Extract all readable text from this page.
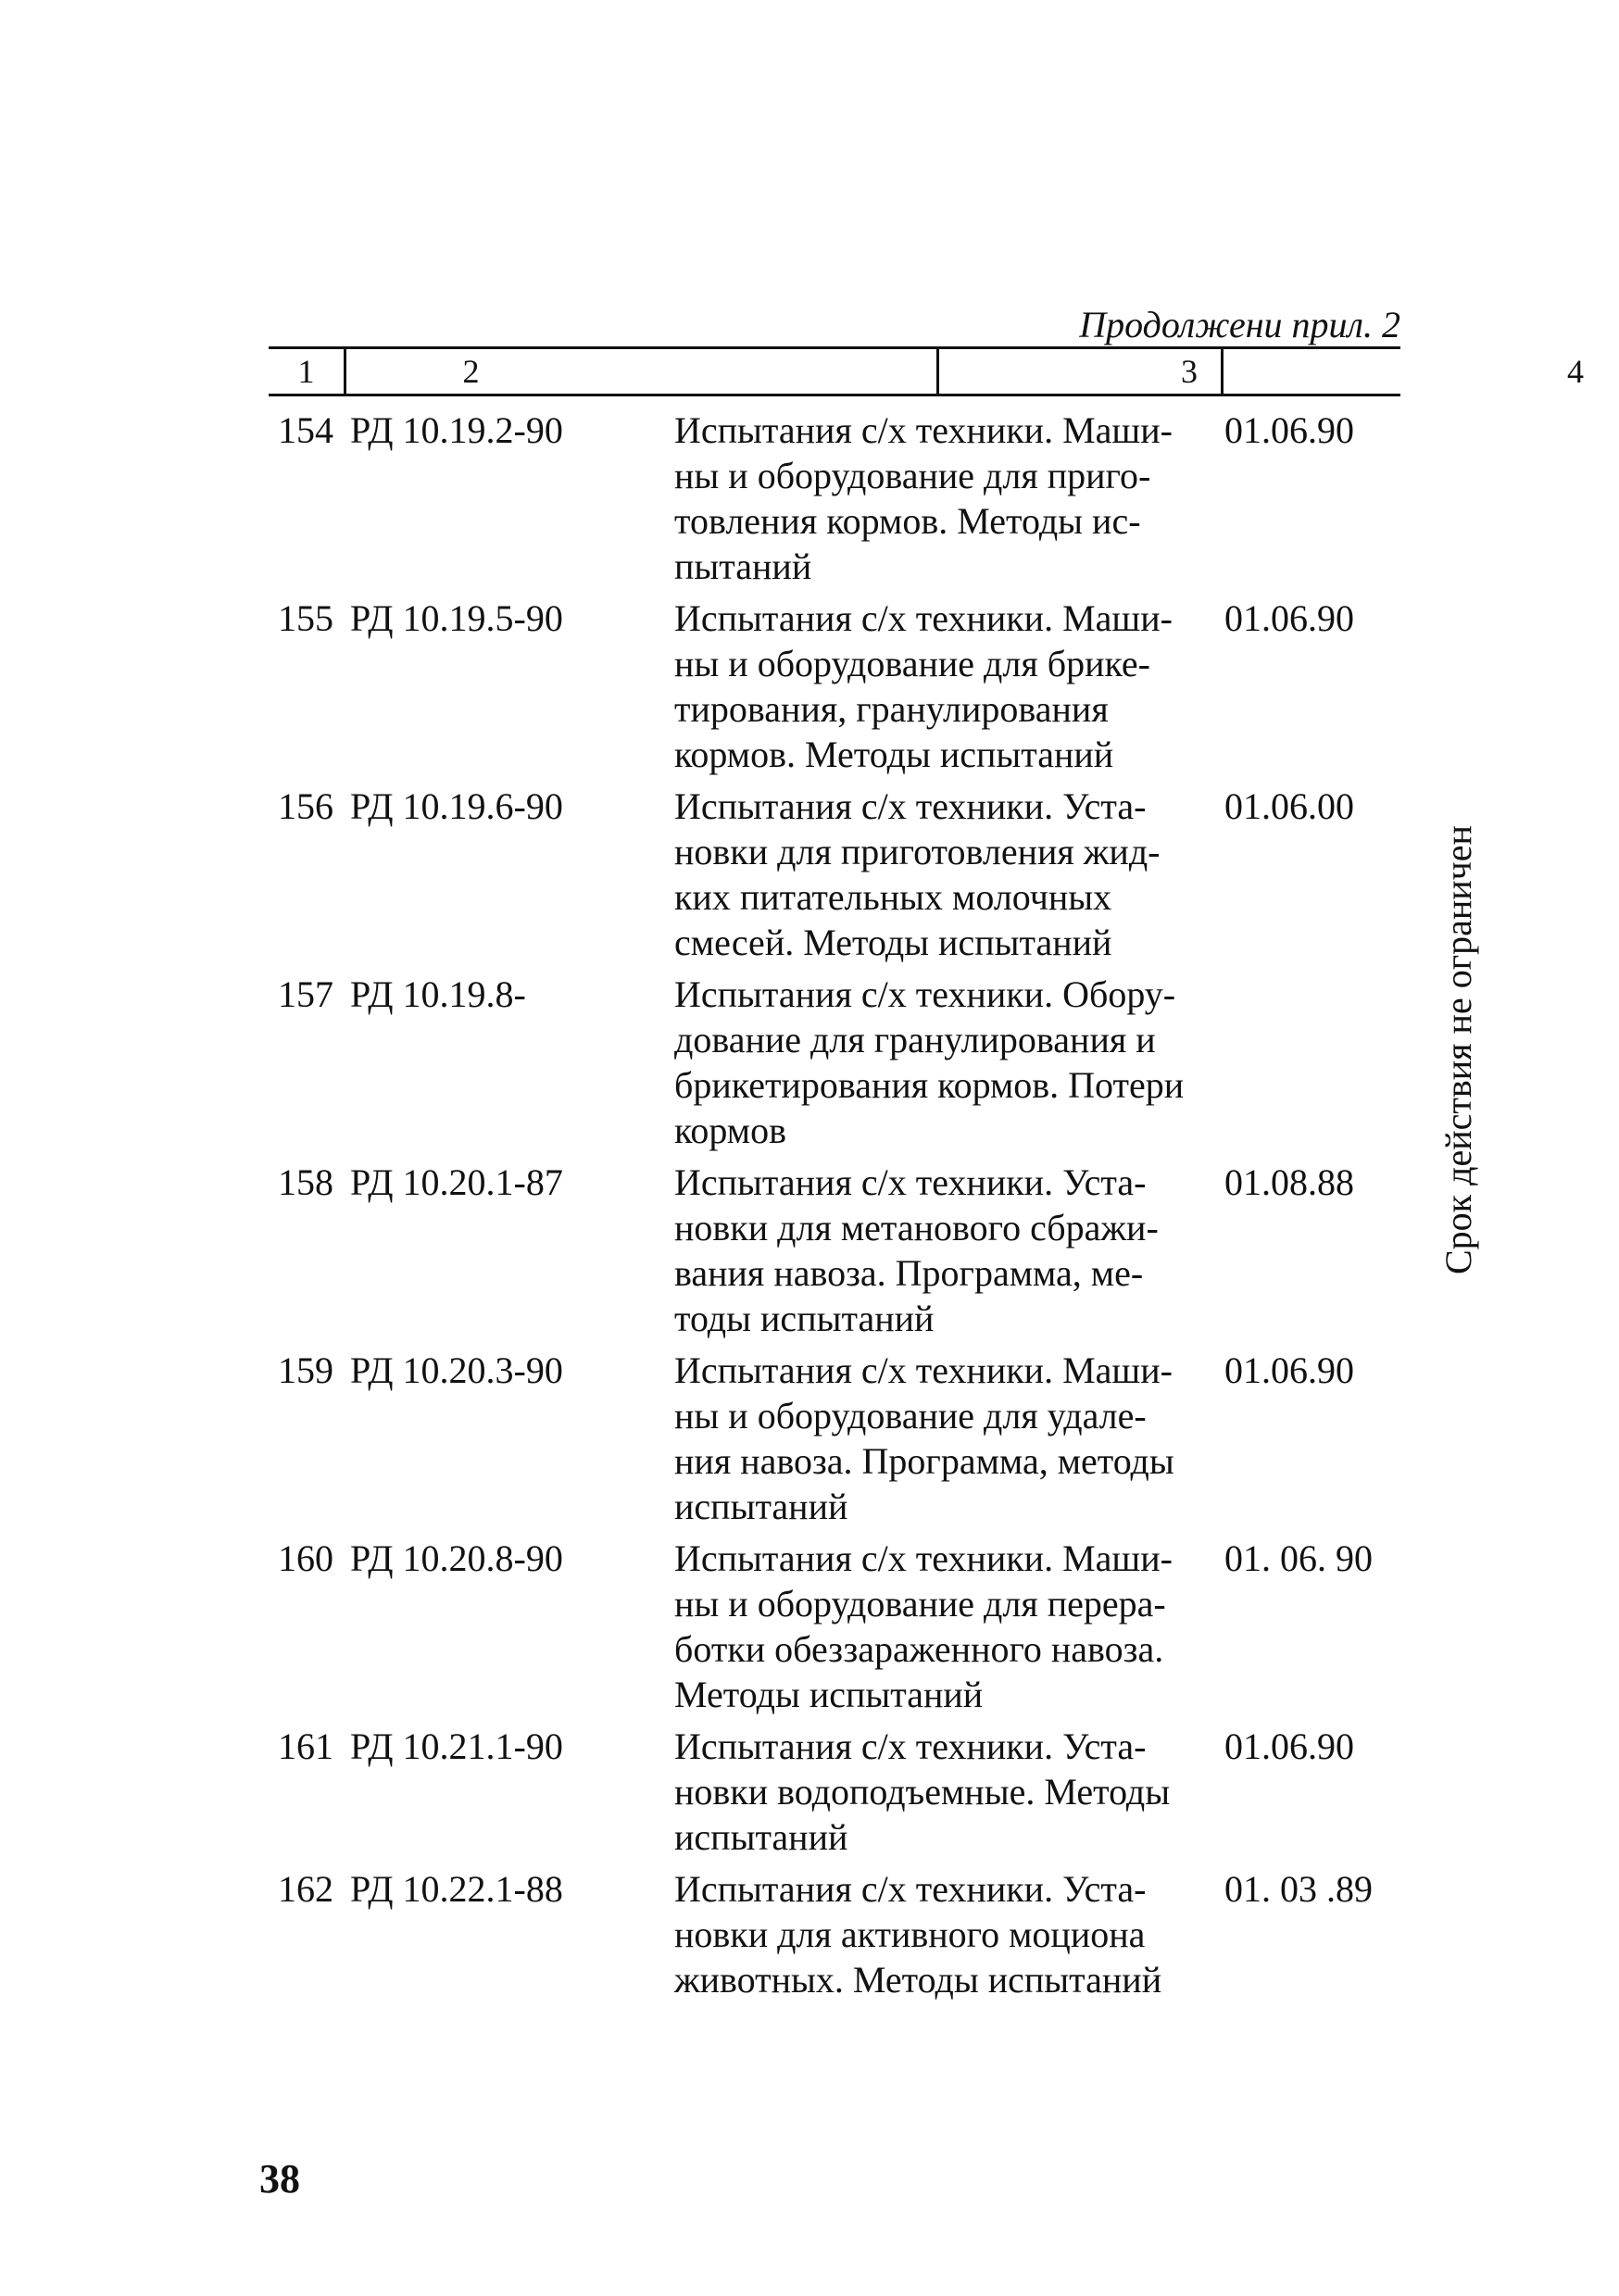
Продолжени прил. 2
1	2	3	4
154 РД 10.19.2-90	Испытания с/х техники. Маши-
ны и оборудование для приго-
товления кормов. Методы ис-
пытаний
01.06.90
155 РД 10.19.5-90	Испытания с/х техники. Маши-
ны и оборудование для брике-
тирования, гранулирования
кормов. Методы испытаний
01.06.90
156 РД 10.19.6-90	Испытания с/х техники. Уста-
новки для приготовления жид-
ких питательных молочных
смесей. Методы испытаний
01.06.00
157 РД 10.19.8-	Испытания с/х техники. Обору-
дование для гранулирования и
брикетирования кормов. Потери
кормов
158 РД 10.20.1-87	Испытания с/х техники. Уста-
новки для метанового сбражи-
вания навоза. Программа, ме-
тоды испытаний
01.08.88
159 РД 10.20.3-90	Испытания с/х техники. Маши-
ны и оборудование для удале-
ния навоза. Программа, методы
испытаний
01.06.90
160 РД 10.20.8-90	Испытания с/х техники. Маши-
ны и оборудование для перера-
ботки обеззараженного навоза.
Методы испытаний
01. 06. 90
161 РД 10.21.1-90	Испытания с/х техники. Уста-
новки водоподъемные. Методы
испытаний
01.06.90
162 РД 10.22.1-88	Испытания с/х техники. Уста-
новки для активного моциона
животных. Методы испытаний
01. 03 .89
Срок действия не ограничен
38
